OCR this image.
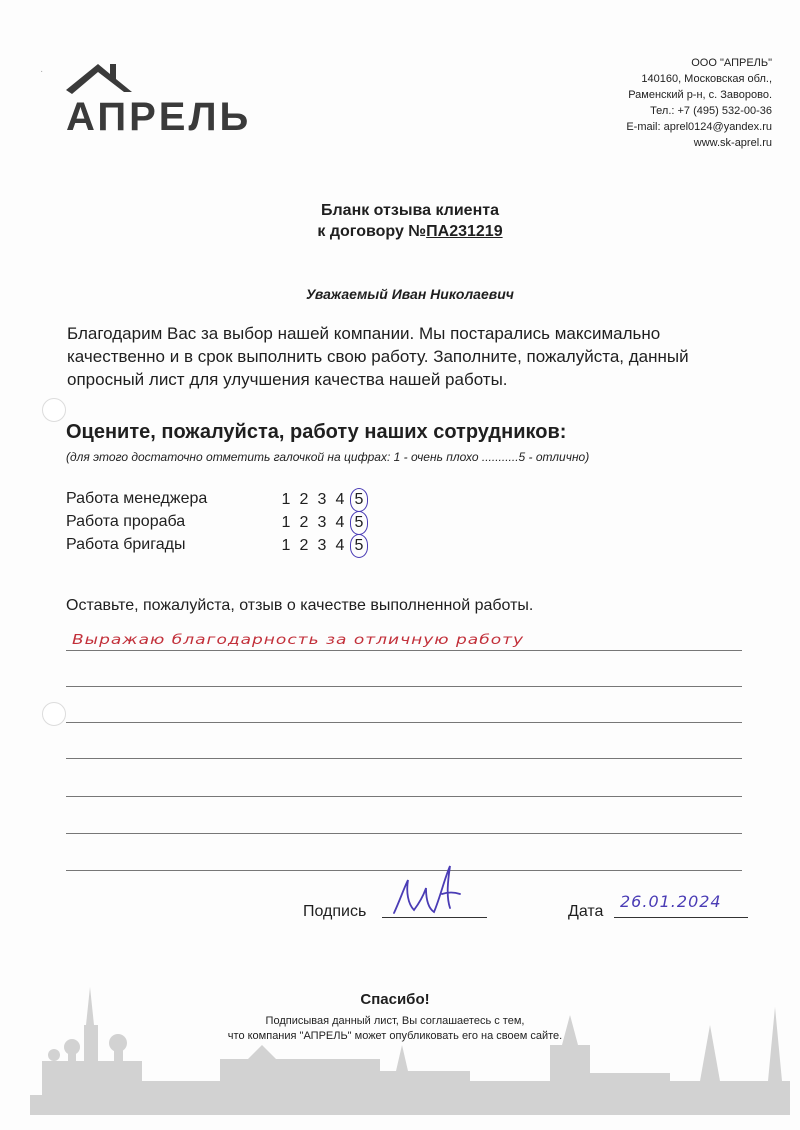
АПРЕЛЬ
·
ООО "АПРЕЛЬ"
140160, Московская обл.,
Раменский р-н, с. Заворово.
Тел.: +7 (495) 532-00-36
E-mail: aprel0124@yandex.ru
www.sk-aprel.ru
Бланк отзыва клиента
к договору №ПА231219
Уважаемый Иван Николаевич
Благодарим Вас за выбор нашей компании. Мы постарались максимально качественно и в срок выполнить свою работу. Заполните, пожалуйста, данный опросный лист для улучшения качества нашей работы.
Оцените, пожалуйста, работу наших сотрудников:
(для этого достаточно отметить галочкой на цифрах: 1 - очень плохо ...........5 - отлично)
Работа менеджера	1 2 3 4 5
Работа прораба	1 2 3 4 5
Работа бригады	1 2 3 4 5
Оставьте, пожалуйста, отзыв о качестве выполненной работы.
Выражаю благодарность за отличную работу
Подпись	Дата
26.01.2024
Спасибо!
Подписывая данный лист, Вы соглашаетесь с тем,
что компания "АПРЕЛЬ" может опубликовать его на своем сайте.
